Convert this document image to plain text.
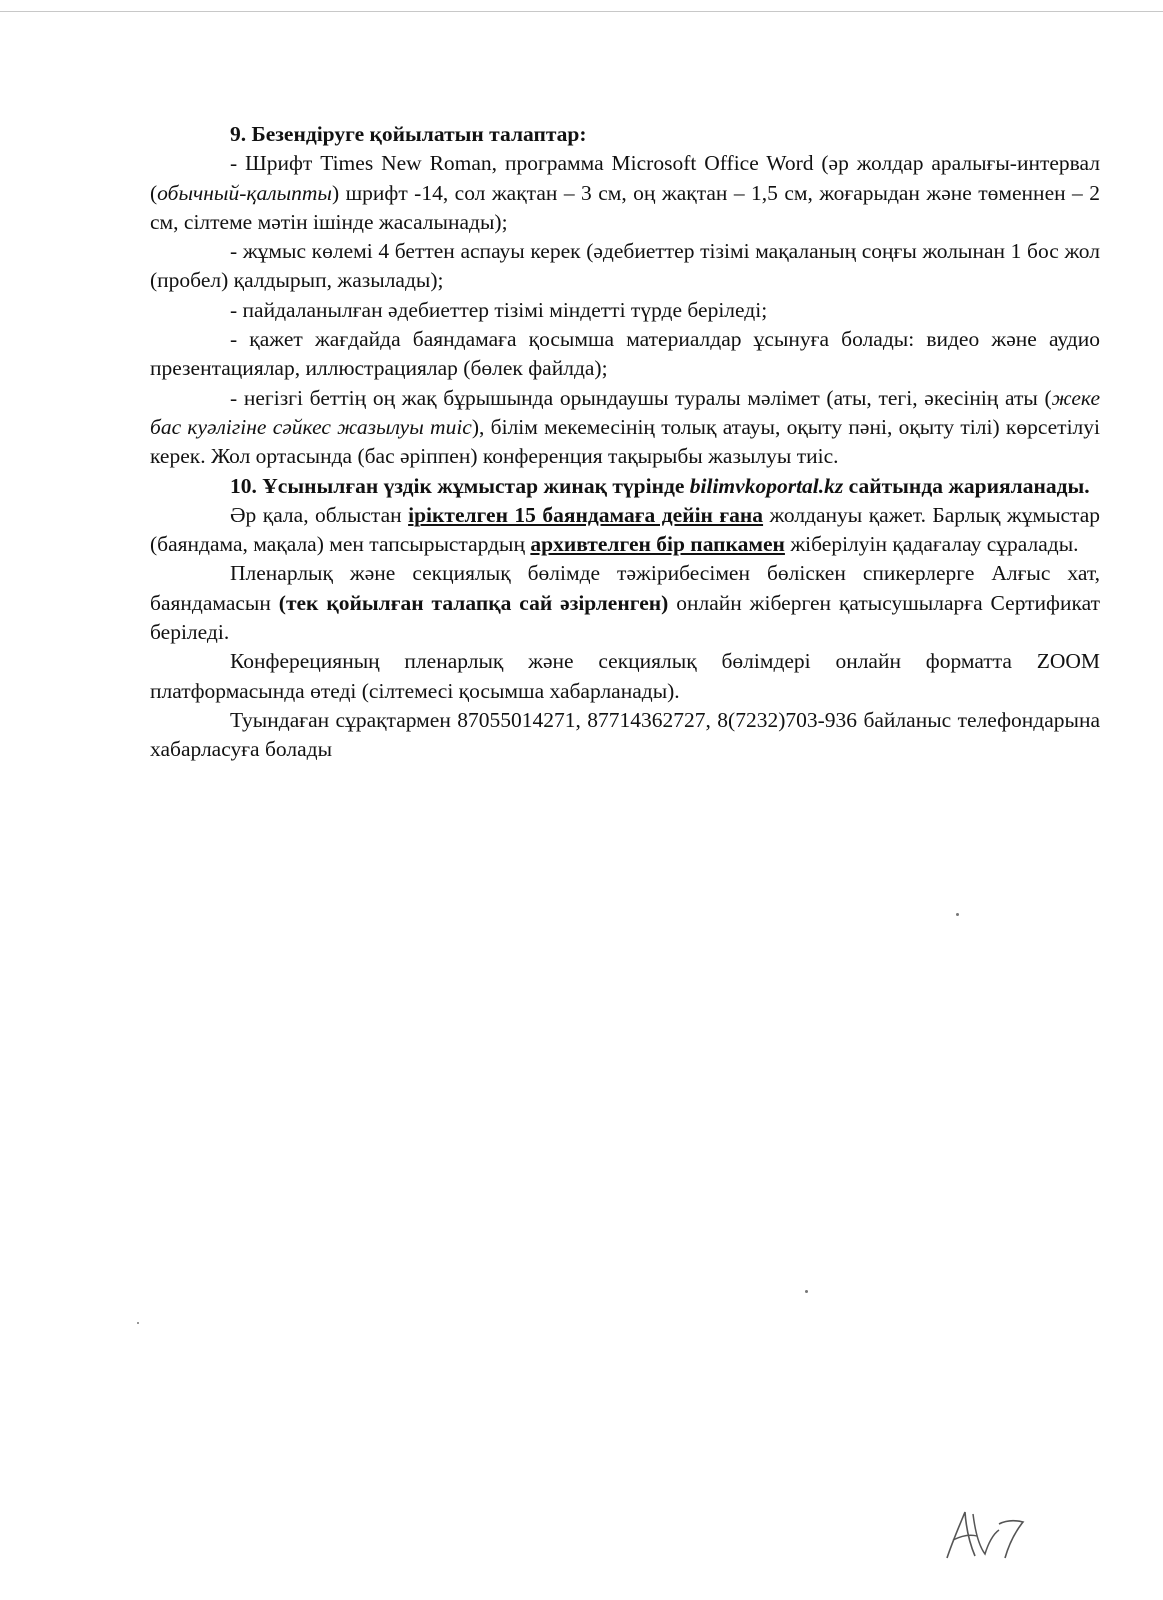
9. Безендіруге қойылатын талаптар:

- Шрифт Times New Roman, программа Microsoft Office Word (әр жолдар аралығы-интервал (обычный-қалыпты) шрифт -14, сол жақтан – 3 см, оң жақтан – 1,5 см, жоғарыдан және төменнен – 2 см, сілтеме мәтін ішінде жасалынады);

- жұмыс көлемі 4 беттен аспауы керек (әдебиеттер тізімі мақаланың соңғы жолынан 1 бос жол (пробел) қалдырып, жазылады);

- пайдаланылған әдебиеттер тізімі міндетті түрде беріледі;

- қажет жағдайда баяндамаға қосымша материалдар ұсынуға болады: видео және аудио презентациялар, иллюстрациялар (бөлек файлда);

- негізгі беттің оң жақ бұрышында орындаушы туралы мәлімет (аты, тегі, әкесінің аты (жеке бас куәлігіне сәйкес жазылуы тиіс), білім мекемесінің толық атауы, оқыту пәні, оқыту тілі) көрсетілуі керек. Жол ортасында (бас әріппен) конференция тақырыбы жазылуы тиіс.

10. Ұсынылған үздік жұмыстар жинақ түрінде bilimvkoportal.kz сайтында жарияланады.

Әр қала, облыстан іріктелген 15 баяндамаға дейін ғана жолдануы қажет. Барлық жұмыстар (баяндама, мақала) мен тапсырыстардың архивтелген бір папкамен жіберілуін қадағалау сұралады.

Пленарлық және секциялық бөлімде тәжірибесімен бөліскен спикерлерге Алғыс хат, баяндамасын (тек қойылған талапқа сай әзірленген) онлайн жіберген қатысушыларға Сертификат беріледі.

Конферецияның пленарлық және секциялық бөлімдері онлайн форматта ZOOM платформасында өтеді (сілтемесі қосымша хабарланады).

Туындаған сұрақтармен 87055014271, 87714362727, 8(7232)703-936 байланыс телефондарына хабарласуға болады
